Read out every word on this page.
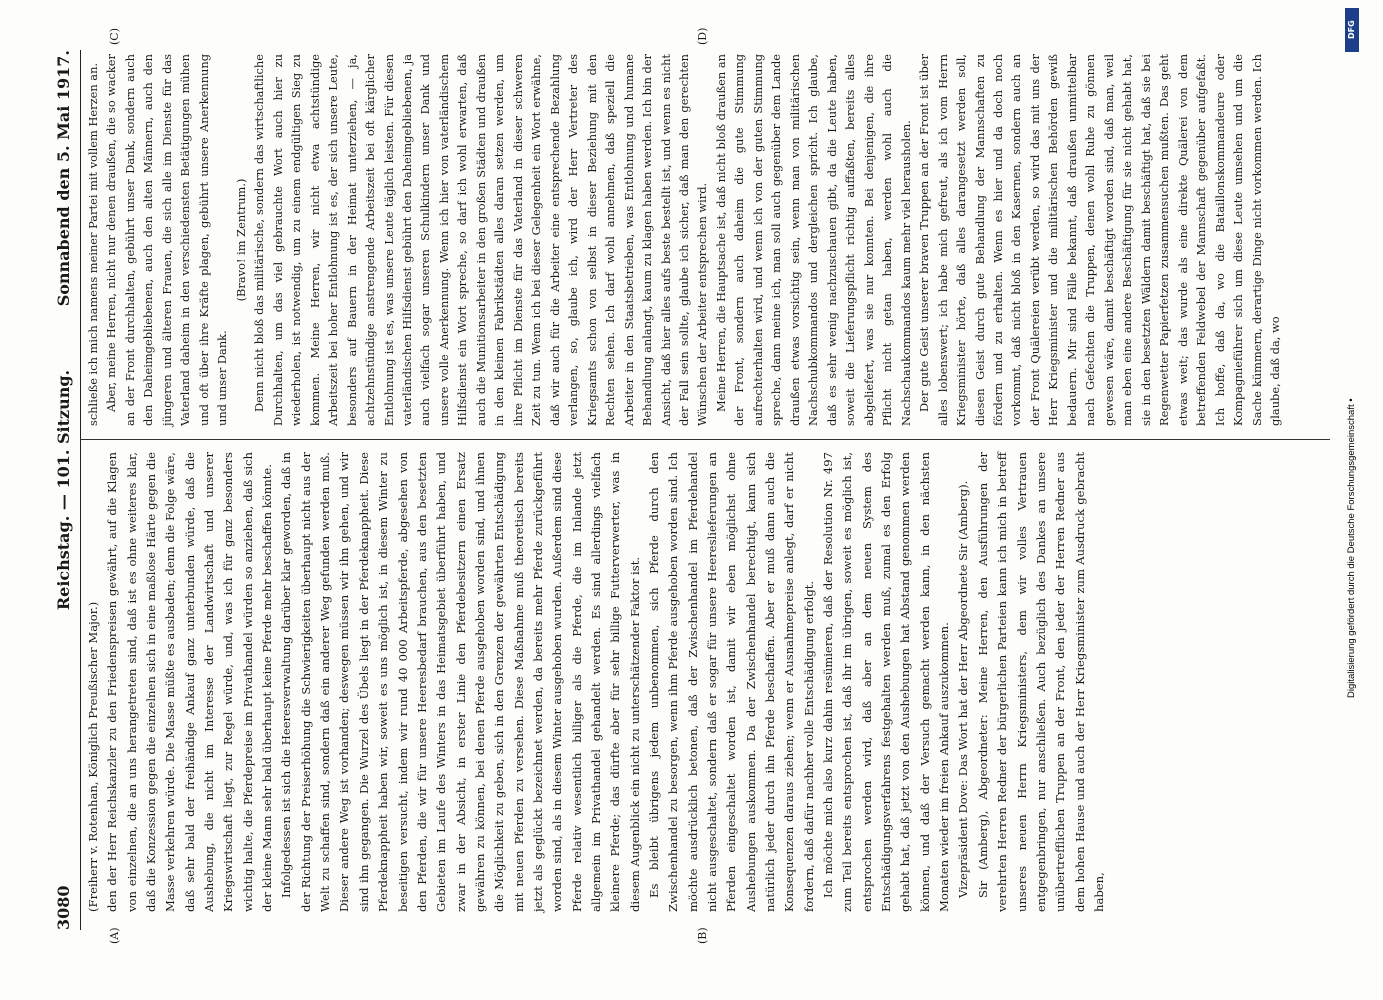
3080
Reichstag. — 101. Sitzung.
Sonnabend den 5. Mai 1917.
(A)	(B)
(C)	(D)

(Freiherr v. Rotenhan, Königlich Preußischer Major.) den der Herr Reichskanzler zu den Friedenspreisen gewährt, auf die Klagen von einzelnen, die an uns herangetreten sind, daß ist es ohne weiteres klar, daß die Konzession gegen die einzelnen sich in eine maßlose Härte gegen die Masse verkehren würde. Die Masse müßte es ausbaden; denn die Folge wäre, daß sehr bald der freihändige Ankauf ganz unterbunden würde, daß die Aushebung, die nicht im Interesse der Landwirtschaft und unserer Kriegswirtschaft liegt, zur Regel würde, und, was ich für ganz besonders wichtig halte, die Pferdepreise im Privathandel würden so anziehen, daß sich der kleine Mann sehr bald überhaupt keine Pferde mehr beschaffen könnte. Infolgedessen ist sich die Heeresverwaltung darüber klar geworden, daß in der Richtung der Preiserhöhung die Schwierigkeiten überhaupt nicht aus der Welt zu schaffen sind, sondern daß ein anderer Weg gefunden werden muß. Dieser andere Weg ist vorhanden; deswegen müssen wir ihn gehen, und wir sind ihn gegangen. Die Wurzel des Übels liegt in der Pferdeknappheit. Diese Pferdeknappheit haben wir, soweit es uns möglich ist, in diesem Winter zu beseitigen versucht, indem wir rund 40 000 Arbeitspferde, abgesehen von den Pferden, die wir für unsere Heeresbedarf brauchen, aus den besetzten Gebieten im Laufe des Winters in das Heimatsgebiet überführt haben, und zwar in der Absicht, in erster Linie den Pferdebesitzern einen Ersatz gewähren zu können, bei denen Pferde ausgehoben worden sind, und ihnen die Möglichkeit zu geben, sich in den Grenzen der gewährten Entschädigung mit neuen Pferden zu versehen. Diese Maßnahme muß theoretisch bereits jetzt als geglückt bezeichnet werden, da bereits mehr Pferde zurückgeführt worden sind, als in diesem Winter ausgehoben wurden. Außerdem sind diese Pferde relativ wesentlich billiger als die Pferde, die im Inlande jetzt allgemein im Privathandel gehandelt werden. Es sind allerdings vielfach kleinere Pferde; das dürfte aber für sehr billige Futterverwerter, was in diesem Augenblick ein nicht zu unterschätzender Faktor ist. Es bleibt übrigens jedem unbenommen, sich Pferde durch den Zwischenhandel zu besorgen, wenn ihm Pferde ausgehoben worden sind. Ich möchte ausdrücklich betonen, daß der Zwischenhandel im Pferdehandel nicht ausgeschaltet, sondern daß er sogar für unsere Heereslieferungen an Pferden eingeschaltet worden ist, damit wir eben möglichst ohne Aushebungen auskommen. Da der Zwischenhandel berechtigt, kann sich natürlich jeder durch ihn Pferde beschaffen. Aber er muß dann auch die Konsequenzen daraus ziehen; wenn er Ausnahmepreise anlegt, darf er nicht fordern, daß dafür nachher volle Entschädigung erfolgt. Ich möchte mich also kurz dahin resümieren, daß der Resolution Nr. 497 zum Teil bereits entsprochen ist, daß ihr im übrigen, soweit es möglich ist, entsprochen werden wird, daß aber an dem neuen System des Entschädigungsverfahrens festgehalten werden muß, zumal es den Erfolg gehabt hat, daß jetzt von den Aushebungen hat Abstand genommen werden können, und daß der Versuch gemacht werden kann, in den nächsten Monaten wieder im freien Ankauf auszukommen. Vizepräsident Dove: Das Wort hat der Herr Abgeordnete Sir (Amberg). Sir (Amberg), Abgeordneter: Meine Herren, den Ausführungen der verehrten Herren Redner der bürgerlichen Parteien kann ich mich in betreff unseres neuen Herrn Kriegsministers, dem wir volles Vertrauen entgegenbringen, nur anschließen. Auch bezüglich des Dankes an unsere unübertrefflichen Truppen an der Front, den jeder der Herren Redner aus dem hohen Hause und auch der Herr Kriegsminister zum Ausdruck gebracht haben,

schließe ich mich namens meiner Partei mit vollem Herzen an. Aber, meine Herren, nicht nur denen draußen, die so wacker an der Front durchhalten, gebührt unser Dank, sondern auch den Daheimgebliebenen, auch den alten Männern, auch den jüngeren und älteren Frauen, die sich alle im Dienste für das Vaterland daheim in den verschiedensten Betätigungen mühen und oft über ihre Kräfte plagen, gebührt unsere Anerkennung und unser Dank.

(Bravo! im Zentrum.) Denn nicht bloß das militärische, sondern das wirtschaftliche Durchhalten, um das viel gebrauchte Wort auch hier zu wiederholen, ist notwendig, um zu einem endgültigen Sieg zu kommen. Meine Herren, wir nicht etwa achtstündige Arbeitszeit bei hoher Entlohnung ist es, der sich unsere Leute, besonders auf Bauern in der Heimat unterziehen, — ja, achtzehnstündige anstrengende Arbeitszeit bei oft kärglicher Entlohnung ist es, was unsere Leute täglich leisten. Für diesen vaterländischen Hilfsdienst gebührt den Daheimgebliebenen, ja auch vielfach sogar unseren Schulkindern unser Dank und unsere volle Anerkennung. Wenn ich hier von vaterländischem Hilfsdienst ein Wort spreche, so darf ich wohl erwarten, daß auch die Munitionsarbeiter in den großen Städten und draußen in den kleinen Fabrikstädten alles daran setzen werden, um ihre Pflicht im Dienste für das Vaterland in dieser schweren Zeit zu tun. Wenn ich bei dieser Gelegenheit ein Wort erwähne, daß wir auch für die Arbeiter eine entsprechende Bezahlung verlangen, so, glaube ich, wird der Herr Vertreter des Kriegsamts schon von selbst in dieser Beziehung mit den Rechten sehen. Ich darf wohl annehmen, daß speziell die Arbeiter in den Staatsbetrieben, was Entlohnung und humane Behandlung anlangt, kaum zu klagen haben werden. Ich bin der Ansicht, daß hier alles aufs beste bestellt ist, und wenn es nicht der Fall sein sollte, glaube ich sicher, daß man den gerechten Wünschen der Arbeiter entsprechen wird. Meine Herren, die Hauptsache ist, daß nicht bloß draußen an der Front, sondern auch daheim die gute Stimmung aufrechterhalten wird, und wenn ich von der guten Stimmung spreche, dann meine ich, man soll auch gegenüber dem Lande draußen etwas vorsichtig sein, wenn man von militärischen Nachschubkommandos und dergleichen spricht. Ich glaube, daß es sehr wenig nachzuschauen gibt, da die Leute haben, soweit die Lieferungspflicht richtig auffaßten, bereits alles abgeliefert, was sie nur konnten. Bei denjenigen, die ihre Pflicht nicht getan haben, werden wohl auch die Nachschaukommandos kaum mehr viel herausholen. Der gute Geist unserer braven Truppen an der Front ist über alles lobenswert; ich habe mich gefreut, als ich vom Herrn Kriegsminister hörte, daß alles darangesetzt werden soll, diesen Geist durch gute Behandlung der Mannschaften zu fördern und zu erhalten. Wenn es hier und da doch noch vorkommt, daß nicht bloß in den Kasernen, sondern auch an der Front Quälereien verübt werden, so wird das mit uns der Herr Kriegsminister und die militärischen Behörden gewiß bedauern. Mir sind Fälle bekannt, daß draußen unmittelbar nach Gefechten die Truppen, denen wohl Ruhe zu gönnen gewesen wäre, damit beschäftigt worden sind, daß man, weil man eben eine andere Beschäftigung für sie nicht gehabt hat, sie in den besetzten Wäldern damit beschäftigt hat, daß sie bei Regenwetter Papierfetzen zusammensuchen mußten. Das geht etwas weit; das wurde als eine direkte Quälerei von dem betreffenden Feldwebel der Mannschaft gegenüber aufgefaßt. Ich hoffe, daß da, wo die Bataillonskommandeure oder Kompagnieführer sich um diese Leute umsehen und um die Sache kümmern, derartige Dinge nicht vorkommen werden. Ich glaube, daß da, wo

DFG
Digitalisierung gefördert durch die Deutsche Forschungsgemeinschaft •
